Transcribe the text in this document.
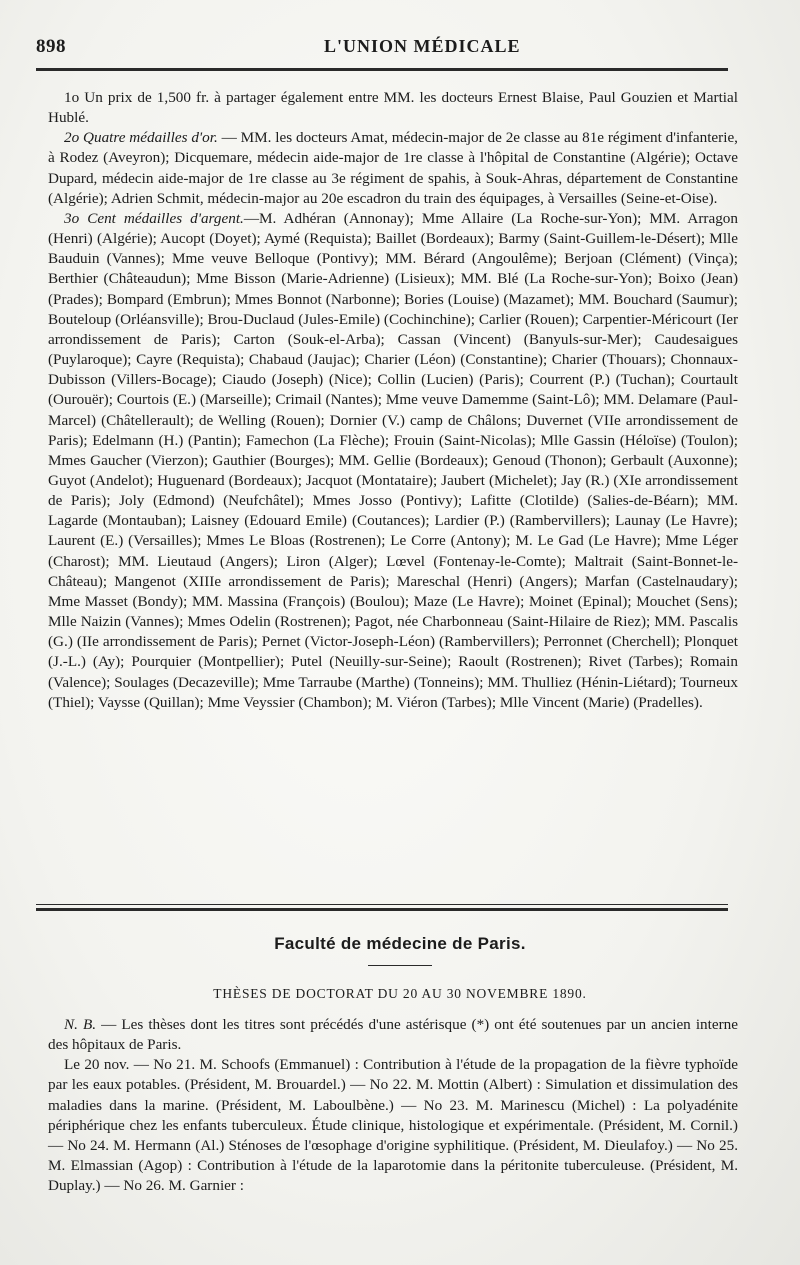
898	L'UNION MÉDICALE

1o Un prix de 1,500 fr. à partager également entre MM. les docteurs Ernest Blaise, Paul Gouzien et Martial Hublé.

2o Quatre médailles d'or. — MM. les docteurs Amat, médecin-major de 2e classe au 81e régiment d'infanterie, à Rodez (Aveyron); Dicquemare, médecin aide-major de 1re classe à l'hôpital de Constantine (Algérie); Octave Dupard, médecin aide-major de 1re classe au 3e régiment de spahis, à Souk-Ahras, département de Constantine (Algérie); Adrien Schmit, médecin-major au 20e escadron du train des équipages, à Versailles (Seine-et-Oise).

3o Cent médailles d'argent.—M. Adhéran (Annonay); Mme Allaire (La Roche-sur-Yon); MM. Arragon (Henri) (Algérie); Aucopt (Doyet); Aymé (Requista); Baillet (Bordeaux); Barmy (Saint-Guillem-le-Désert); Mlle Bauduin (Vannes); Mme veuve Belloque (Pontivy); MM. Bérard (Angoulême); Berjoan (Clément) (Vinça); Berthier (Châteaudun); Mme Bisson (Marie-Adrienne) (Lisieux); MM. Blé (La Roche-sur-Yon); Boixo (Jean) (Prades); Bompard (Embrun); Mmes Bonnot (Narbonne); Bories (Louise) (Mazamet); MM. Bouchard (Saumur); Bouteloup (Orléansville); Brou-Duclaud (Jules-Emile) (Cochinchine); Carlier (Rouen); Carpentier-Méricourt (Ier arrondissement de Paris); Carton (Souk-el-Arba); Cassan (Vincent) (Banyuls-sur-Mer); Caudesaigues (Puylaroque); Cayre (Requista); Chabaud (Jaujac); Charier (Léon) (Constantine); Charier (Thouars); Chonnaux-Dubisson (Villers-Bocage); Ciaudo (Joseph) (Nice); Collin (Lucien) (Paris); Courrent (P.) (Tuchan); Courtault (Ourouër); Courtois (E.) (Marseille); Crimail (Nantes); Mme veuve Damemme (Saint-Lô); MM. Delamare (Paul-Marcel) (Châtellerault); de Welling (Rouen); Dornier (V.) camp de Châlons; Duvernet (VIIe arrondissement de Paris); Edelmann (H.) (Pantin); Famechon (La Flèche); Frouin (Saint-Nicolas); Mlle Gassin (Héloïse) (Toulon); Mmes Gaucher (Vierzon); Gauthier (Bourges); MM. Gellie (Bordeaux); Genoud (Thonon); Gerbault (Auxonne); Guyot (Andelot); Huguenard (Bordeaux); Jacquot (Montataire); Jaubert (Michelet); Jay (R.) (XIe arrondissement de Paris); Joly (Edmond) (Neufchâtel); Mmes Josso (Pontivy); Lafitte (Clotilde) (Salies-de-Béarn); MM. Lagarde (Montauban); Laisney (Edouard Emile) (Coutances); Lardier (P.) (Rambervillers); Launay (Le Havre); Laurent (E.) (Versailles); Mmes Le Bloas (Rostrenen); Le Corre (Antony); M. Le Gad (Le Havre); Mme Léger (Charost); MM. Lieutaud (Angers); Liron (Alger); Lœvel (Fontenay-le-Comte); Maltrait (Saint-Bonnet-le-Château); Mangenot (XIIIe arrondissement de Paris); Mareschal (Henri) (Angers); Marfan (Castelnaudary); Mme Masset (Bondy); MM. Massina (François) (Boulou); Maze (Le Havre); Moinet (Epinal); Mouchet (Sens); Mlle Naizin (Vannes); Mmes Odelin (Rostrenen); Pagot, née Charbonneau (Saint-Hilaire de Riez); MM. Pascalis (G.) (IIe arrondissement de Paris); Pernet (Victor-Joseph-Léon) (Rambervillers); Perronnet (Cherchell); Plonquet (J.-L.) (Ay); Pourquier (Montpellier); Putel (Neuilly-sur-Seine); Raoult (Rostrenen); Rivet (Tarbes); Romain (Valence); Soulages (Decazeville); Mme Tarraube (Marthe) (Tonneins); MM. Thulliez (Hénin-Liétard); Tourneux (Thiel); Vaysse (Quillan); Mme Veyssier (Chambon); M. Viéron (Tarbes); Mlle Vincent (Marie) (Pradelles).

Faculté de médecine de Paris.
THÈSES DE DOCTORAT DU 20 AU 30 NOVEMBRE 1890.

N. B. — Les thèses dont les titres sont précédés d'une astérisque (*) ont été soutenues par un ancien interne des hôpitaux de Paris.

Le 20 nov. — No 21. M. Schoofs (Emmanuel) : Contribution à l'étude de la propagation de la fièvre typhoïde par les eaux potables. (Président, M. Brouardel.) — No 22. M. Mottin (Albert) : Simulation et dissimulation des maladies dans la marine. (Président, M. Laboulbène.) — No 23. M. Marinescu (Michel) : La polyadénite périphérique chez les enfants tuberculeux. Étude clinique, histologique et expérimentale. (Président, M. Cornil.) — No 24. M. Hermann (Al.) Sténoses de l'œsophage d'origine syphilitique. (Président, M. Dieulafoy.) — No 25. M. Elmassian (Agop) : Contribution à l'étude de la laparotomie dans la péritonite tuberculeuse. (Président, M. Duplay.) — No 26. M. Garnier :
